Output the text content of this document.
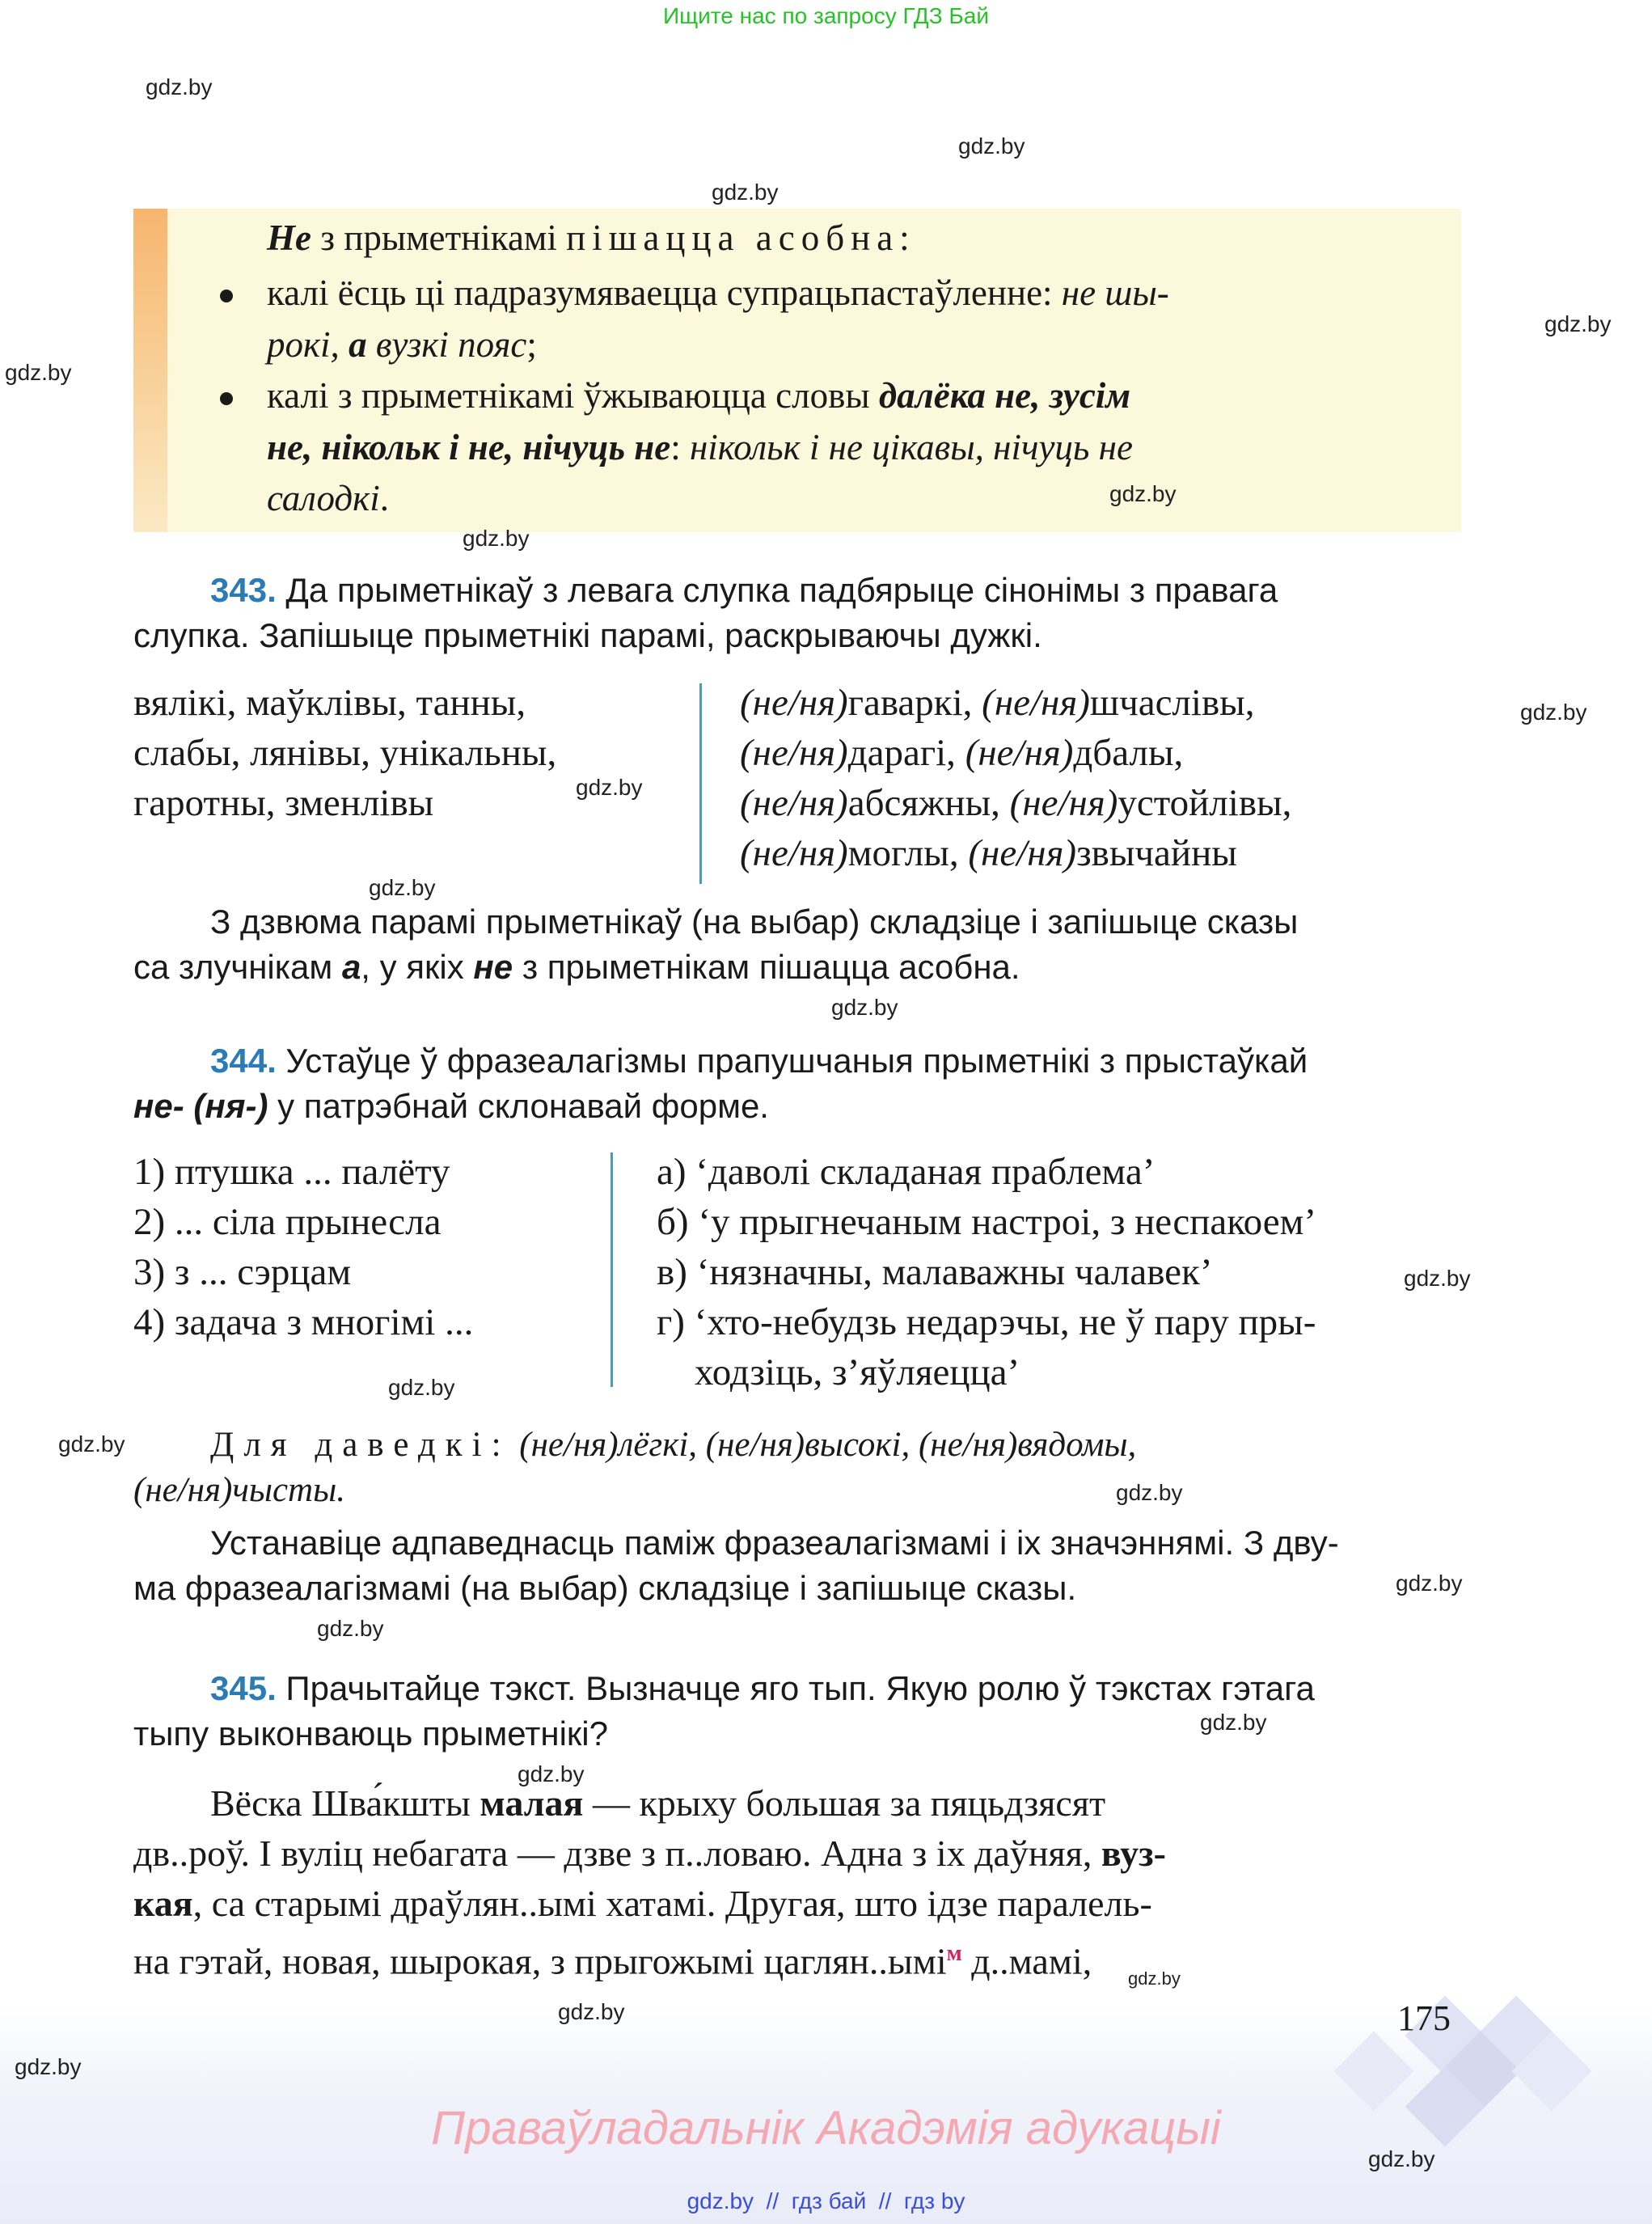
Ищите нас по запросу ГДЗ Бай
gdz.by
gdz.by
gdz.by
gdz.by
gdz.by
Не з прыметнікамі пішацца асобна:
калі ёсць ці падразумяваецца супрацьпастаўленне: не шы-
рокі, а вузкі пояс;
калі з прыметнікамі ўжываюцца словы далёка не, зусім
не, нікольк і не, нічуць не: нікольк і не цікавы, нічуць не
салодкі.	gdz.by
gdz.by
343. Да прыметнікаў з левага слупка падбярыце сінонімы з правага
слупка. Запішыце прыметнікі парамі, раскрываючы дужкі.
вялікі, маўклівы, танны,
слабы, лянівы, унікальны,
гаротны, зменлівы	gdz.by
gdz.by
(не/ня)гаваркі, (не/ня)шчаслівы,
(не/ня)дарагі, (не/ня)дбалы,
(не/ня)абсяжны, (не/ня)устойлівы,
(не/ня)моглы, (не/ня)звычайны
gdz.by
З дзвюма парамі прыметнікаў (на выбар) складзіце і запішыце сказы
са злучнікам а, у якіх не з прыметнікам пішацца асобна.
gdz.by
344. Устаўце ў фразеалагізмы прапушчаныя прыметнікі з прыстаўкай
не- (ня-) у патрэбнай склонавай форме.
1) птушка ... палёту
2) ... сіла прынесла
3) з ... сэрцам
4) задача з многімі ...
а) ‘даволі складаная праблема’
б) ‘у прыгнечаным настроі, з неспакоем’
в) ‘нязначны, малаважны чалавек’
г) ‘хто-небудзь недарэчы, не ў пару пры-
ходзіць, з’яўляецца’
gdz.by
gdz.by
gdz.by Для даведкі: (не/ня)лёгкі, (не/ня)высокі, (не/ня)вядомы,
(не/ня)чысты.	gdz.by
Устанавіце адпаведнасць паміж фразеалагізмамі і іх значэннямі. З дву-
ма фразеалагізмамі (на выбар) складзіце і запішыце сказы.	gdz.by
gdz.by
345. Прачытайце тэкст. Вызначце яго тып. Якую ролю ў тэкстах гэтага
тыпу выконваюць прыметнікі?	gdz.by
gdz.by
Вёска Шва́кшты малая — крыху большая за пяцьдзясят
дв..роў. І вуліц небагата — дзве з п..ловаю. Адна з іх даўняя, вуз-
кая, са старымі драўлян..ымі хатамі. Другая, што ідзе паралель-
на гэтай, новая, шырокая, з прыгожымі цаглян..ымі$^м$ д..мамі,
gdz.by
gdz.by
175
gdz.by
Праваўладальнік Акадэмія адукацыі
gdz.by
gdz.by  //  гдз бай  //  гдз by
